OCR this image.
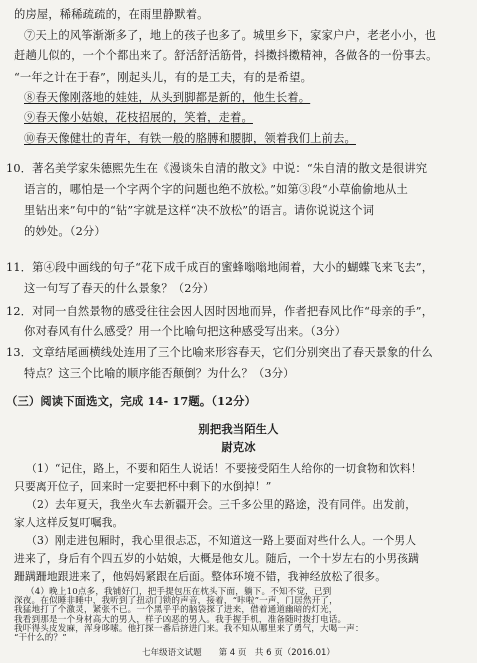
的房屋，稀稀疏疏的，在雨里静默着。
⑦天上的风筝渐渐多了，地上的孩子也多了。城里乡下，家家户户，老老小小，也
赶趟儿似的，一个个都出来了。舒活舒活筋骨，抖擞抖擞精神，各做各的一份事去。
“一年之计在于春”，刚起头儿，有的是工夫，有的是希望。
⑧春天像刚落地的娃娃，从头到脚都是新的，他生长着。
⑨春天像小姑娘，花枝招展的，笑着，走着。
⑩春天像健壮的青年，有铁一般的胳膊和腰脚，领着我们上前去。
10．著名美学家朱德熙先生在《漫谈朱自清的散文》中说：“朱自清的散文是很讲究
语言的，哪怕是一个字两个字的问题也绝不放松。”如第③段“小草偷偷地从土
里钻出来”句中的“钻”字就是这样“决不放松”的语言。请你说说这个词
的妙处。（2分）
11．第④段中画线的句子“花下成千成百的蜜蜂嗡嗡地闹着，大小的蝴蝶飞来飞去”，
这一句写了春天的什么景象？（2分）
12．对同一自然景物的感受往往会因人因时因地而异，作者把春风比作“母亲的手”，
你对春风有什么感受？用一个比喻句把这种感受写出来。（3分）
13．文章结尾画横线处连用了三个比喻来形容春天，它们分别突出了春天景象的什么
特点？这三个比喻的顺序能否颠倒？为什么？（3分）
（三）阅读下面选文，完成 14- 17题。（12分）
别把我当陌生人
尉克冰
（1）“记住，路上，不要和陌生人说话！不要接受陌生人给你的一切食物和饮料！
只要离开位子，回来时一定要把杯中剩下的水倒掉！”
（2）去年夏天，我坐火车去新疆开会。三千多公里的路途，没有同伴。出发前，
家人这样反复叮嘱我。
（3）刚走进包厢时，我心里很忐忑，不知道这一路上要面对些什么人。一个男人
进来了，身后有个四五岁的小姑娘，大概是他女儿。随后，一个十岁左右的小男孩蹒
跚蹒跚地跟进来了，他妈妈紧跟在后面。整体环境不错，我神经放松了很多。
（4）晚上10点多，我铺好门，把手提包压在枕头下面，躺下。不知不觉，已到
深夜。在似睡非睡中，我听到了扭动门锁的声音，接着，“咔啦”一声，门居然开了，
我猛地打了个激灵，紧张不已。一个黑乎乎的脑袋探了进来，借着通道幽暗的灯光，
我看到那是一个身材高大的男人，样子凶恶的男人。我手握手机，准备随时拨打电话。
我吓得头皮发麻，浑身哆嗦。他打探一番后挤进门来。我不知从哪里来了勇气，大喝一声：
“干什么的？”
七年级语文试题　　第 4 页　共 6 页（2016.01）
